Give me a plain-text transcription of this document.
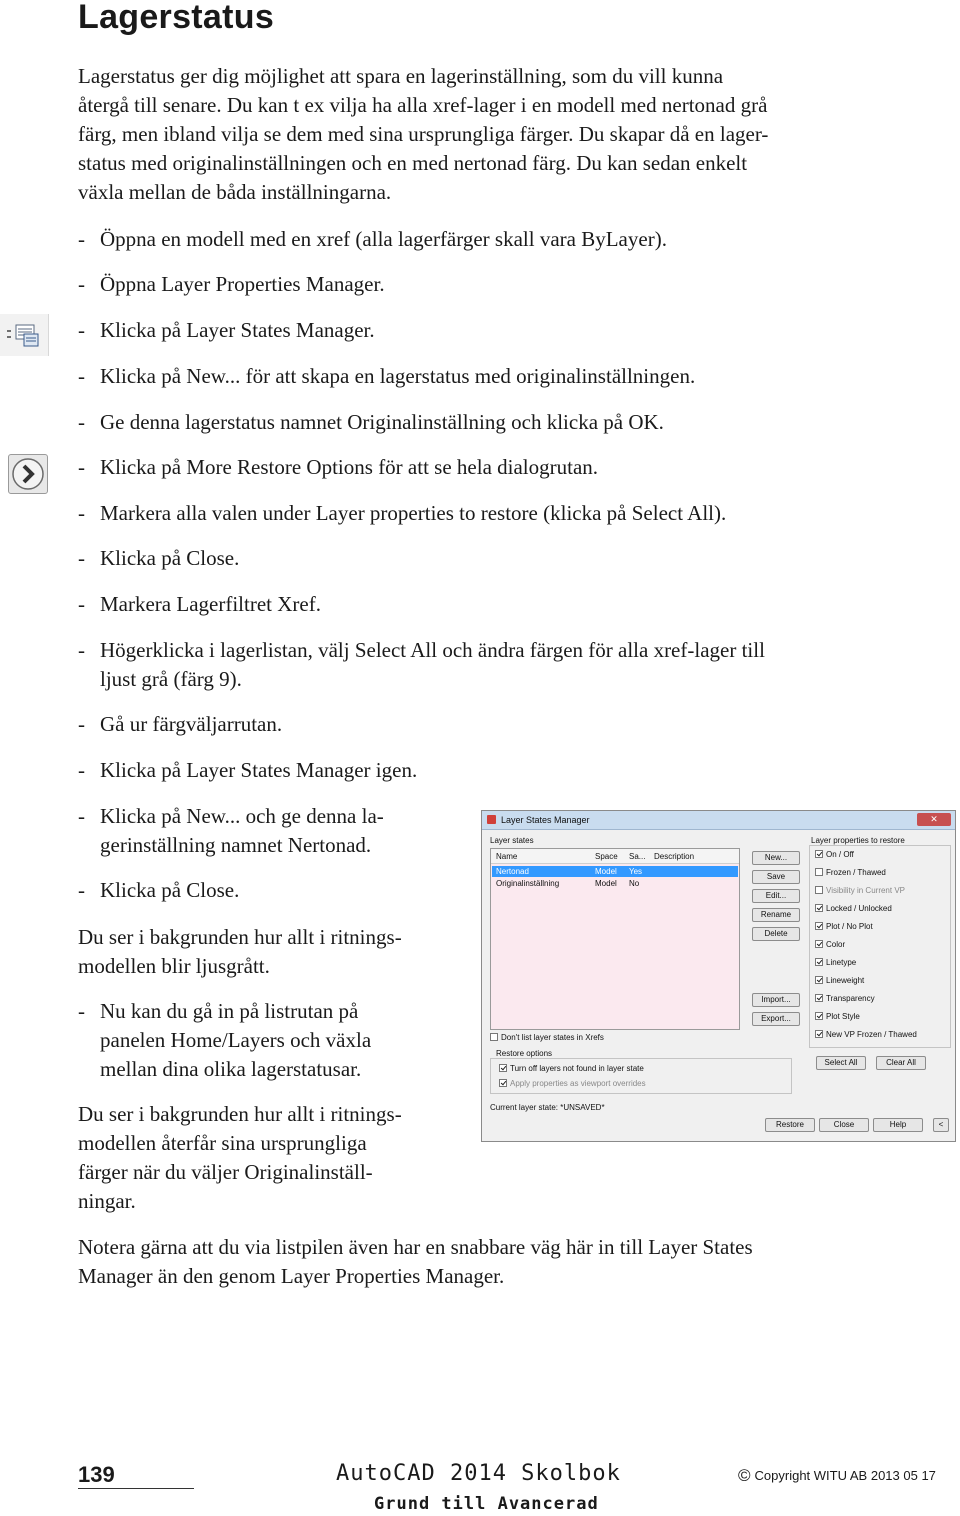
Lagerstatus

Lagerstatus ger dig möjlighet att spara en lagerinställning, som du vill kunna
återgå till senare. Du kan t ex vilja ha alla xref-lager i en modell med nertonad grå
färg, men ibland vilja se dem med sina ursprungliga färger. Du skapar då en lager-
status med originalinställningen och en med nertonad färg. Du kan sedan enkelt
växla mellan de båda inställningarna.

- Öppna en modell med en xref (alla lagerfärger skall vara ByLayer).
- Öppna Layer Properties Manager.
- Klicka på Layer States Manager.
- Klicka på New... för att skapa en lagerstatus med originalinställningen.
- Ge denna lagerstatus namnet Originalinställning och klicka på OK.
- Klicka på More Restore Options för att se hela dialogrutan.
- Markera alla valen under Layer properties to restore (klicka på Select All).
- Klicka på Close.
- Markera Lagerfiltret Xref.
- Högerklicka i lagerlistan, välj Select All och ändra färgen för alla xref-lager till
ljust grå (färg 9).
- Gå ur färgväljarrutan.
- Klicka på Layer States Manager igen.
- Klicka på New... och ge denna la-
gerinställning namnet Nertonad.
- Klicka på Close.

Du ser i bakgrunden hur allt i ritnings-
modellen blir ljusgrått.

- Nu kan du gå in på listrutan på
panelen Home/Layers och växla
mellan dina olika lagerstatusar.

Du ser i bakgrunden hur allt i ritnings-
modellen återfår sina ursprungliga
färger när du väljer Originalinställ-
ningar.

Notera gärna att du via listpilen även har en snabbare väg här in till Layer States
Manager än den genom Layer Properties Manager.

Layer States Manager	✕
Layer states
Name	Space Sa... Description
Nertonad	Model Yes
Originalinställning	Model No
New...
Save
Edit...
Rename
Delete
Import...
Export...
Layer properties to restore
On / Off
Frozen / Thawed
Visibility in Current VP
Locked / Unlocked
Plot / No Plot
Color
Linetype
Lineweight
Transparency
Plot Style
New VP Frozen / Thawed
Select All	Clear All
Don't list layer states in Xrefs
Restore options
Turn off layers not found in layer state
Apply properties as viewport overrides
Current layer state: *UNSAVED*
Restore	Close	Help	<

139	AutoCAD 2014 Skolbok

Grund till Avancerad

© Copyright WITU AB 2013 05 17
